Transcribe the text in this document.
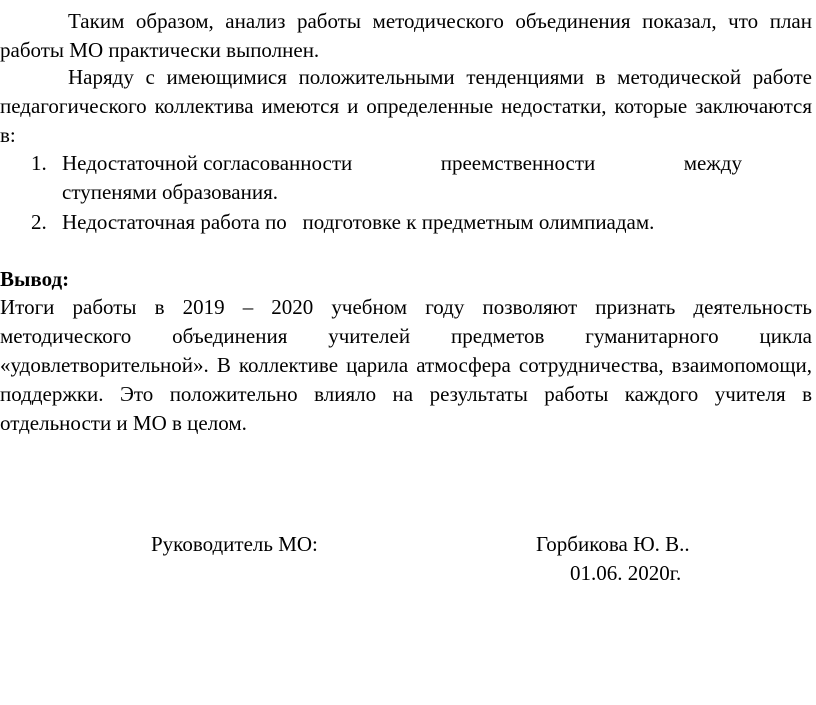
Таким образом, анализ работы методического объединения показал, что план работы МО практически выполнен.

Наряду с имеющимися положительными тенденциями в методической работе педагогического коллектива имеются и определенные недостатки, которые заключаются в:

1. Недостаточной согласованности	преемственности	между
ступенями образования.
2. Недостаточная работа по   подготовке к предметным олимпиадам.

Вывод:

Итоги работы в 2019 – 2020 учебном году позволяют признать деятельность методического объединения учителей предметов гуманитарного цикла «удовлетворительной». В коллективе царила атмосфера сотрудничества, взаимопомощи, поддержки. Это положительно влияло на результаты работы каждого учителя в отдельности и МО в целом.

Руководитель МО:	Горбикова Ю. В..
01.06. 2020г.
